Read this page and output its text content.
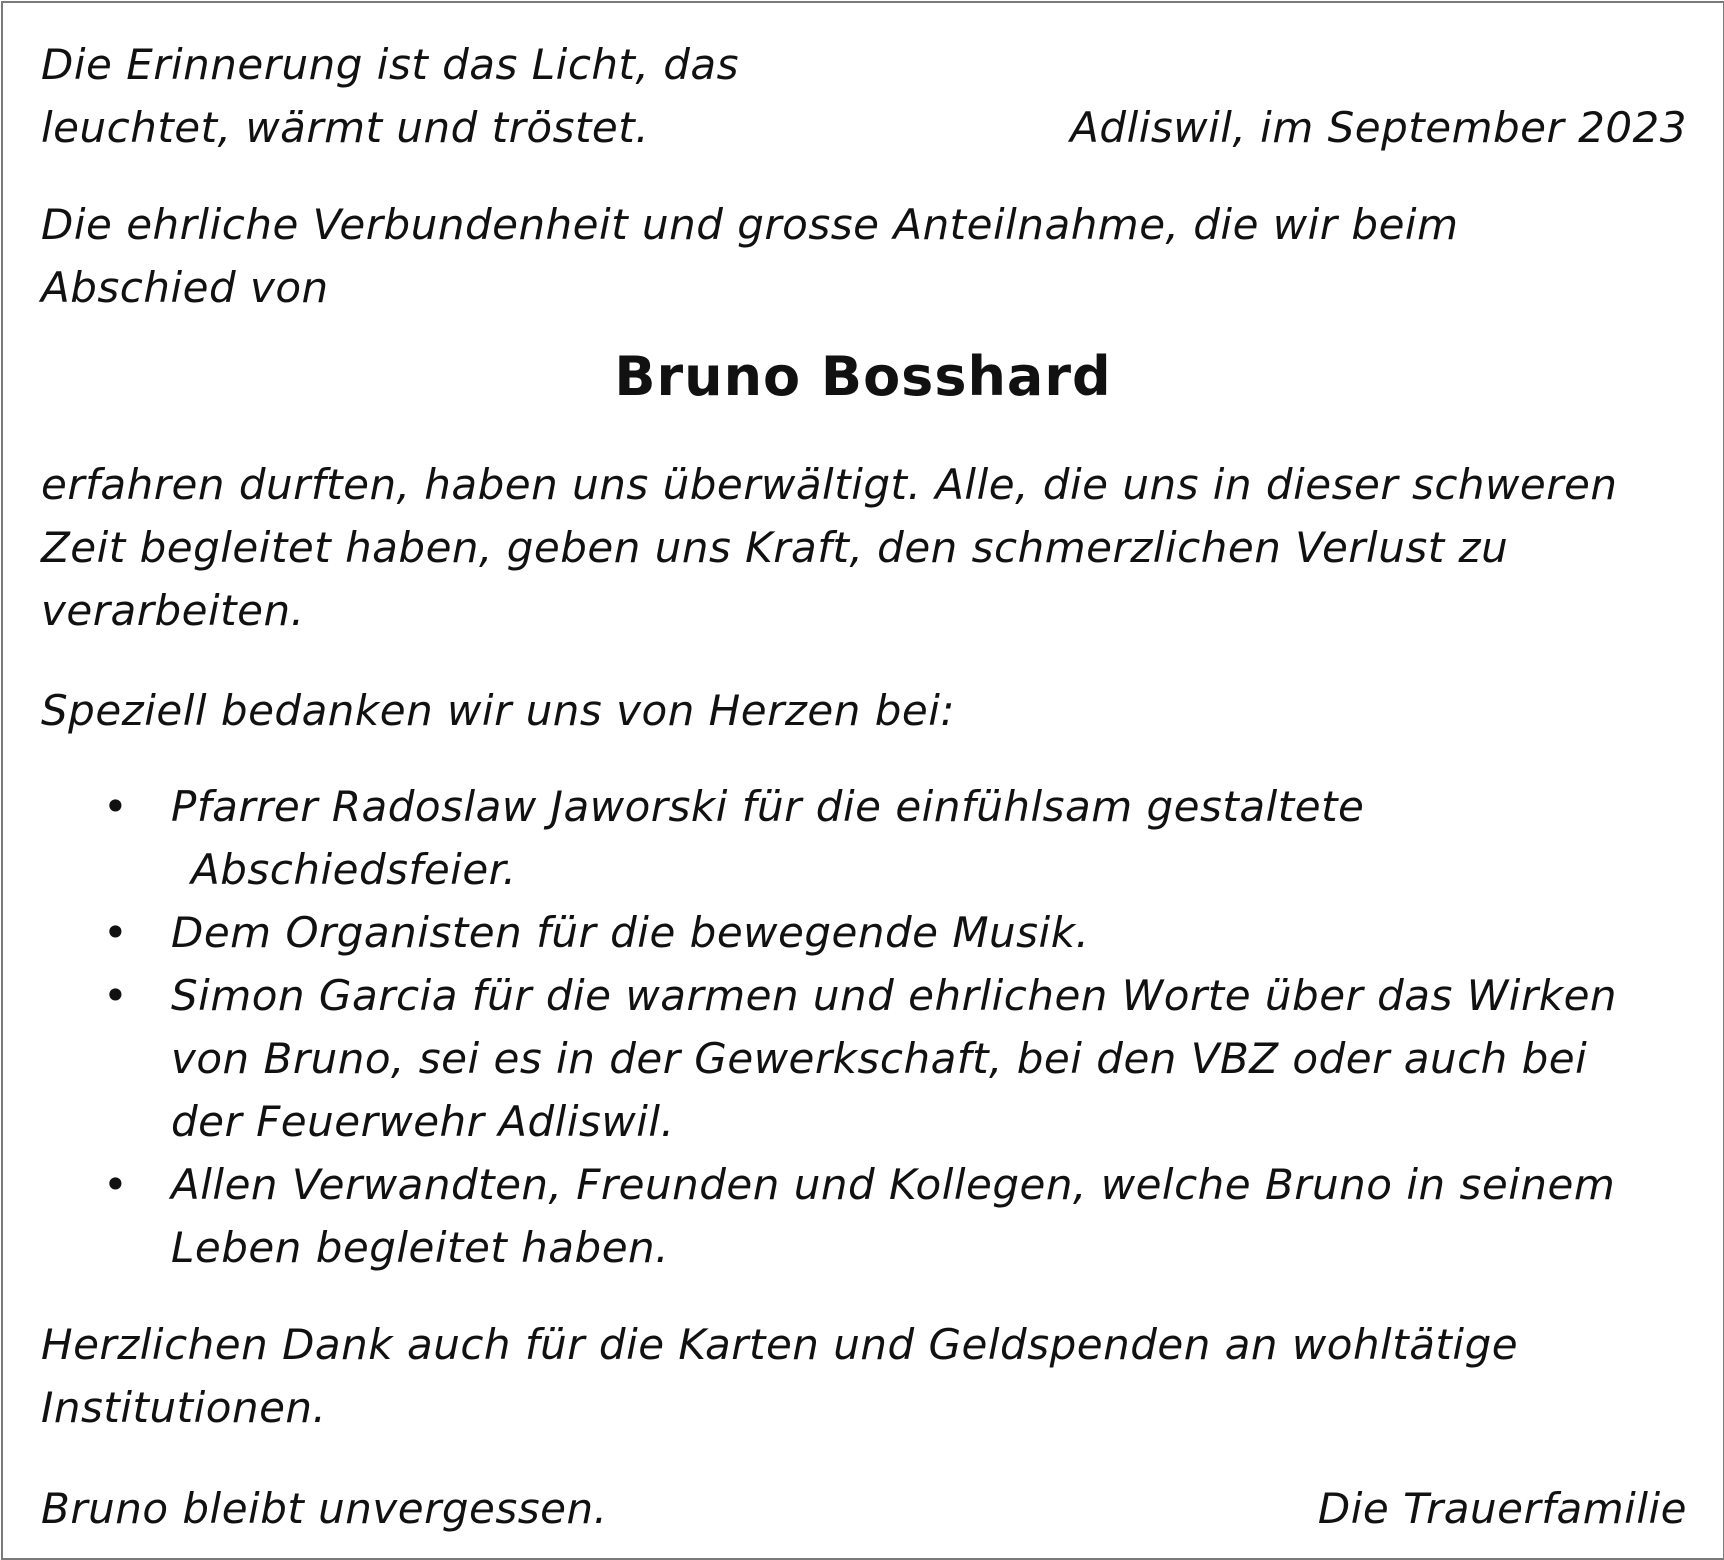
Die Erinnerung ist das Licht, das
leuchtet, wärmt und tröstet.	Adliswil, im September 2023

Die ehrliche Verbundenheit und grosse Anteilnahme, die wir beim
Abschied von

Bruno Bosshard

erfahren durften, haben uns überwältigt. Alle, die uns in dieser schweren
Zeit begleitet haben, geben uns Kraft, den schmerzlichen Verlust zu
verarbeiten.

Speziell bedanken wir uns von Herzen bei:

• Pfarrer Radoslaw Jaworski für die einfühlsam gestaltete
Abschiedsfeier.
• Dem Organisten für die bewegende Musik.
• Simon Garcia für die warmen und ehrlichen Worte über das Wirken
von Bruno, sei es in der Gewerkschaft, bei den VBZ oder auch bei
der Feuerwehr Adliswil.
• Allen Verwandten, Freunden und Kollegen, welche Bruno in seinem
Leben begleitet haben.

Herzlichen Dank auch für die Karten und Geldspenden an wohltätige
Institutionen.

Bruno bleibt unvergessen.	Die Trauerfamilie
